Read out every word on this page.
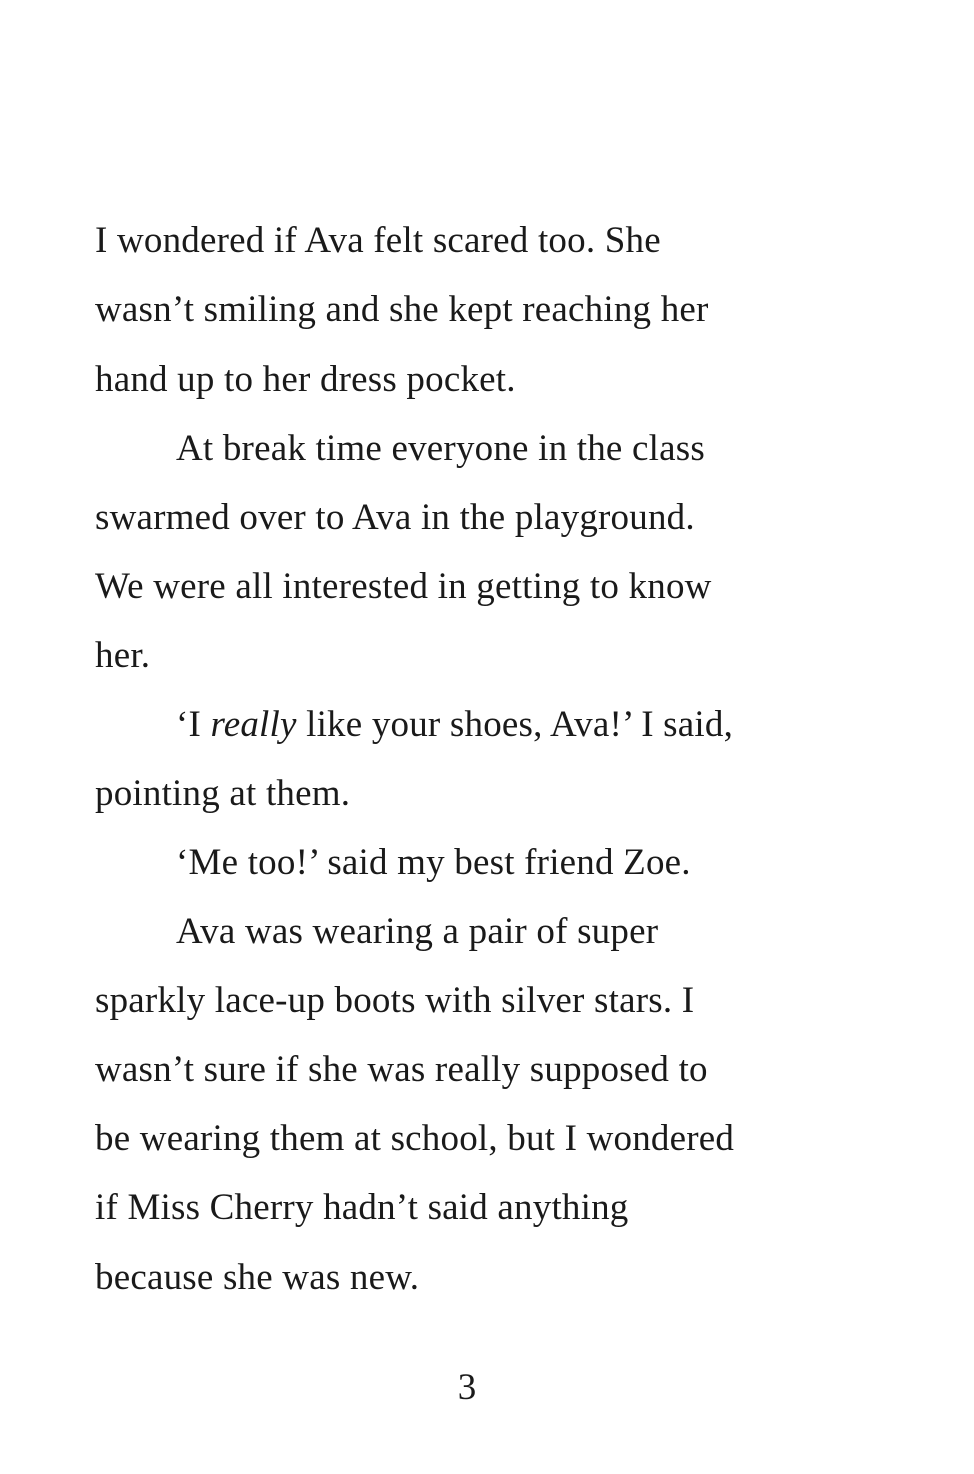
I wondered if Ava felt scared too. She
wasn’t smiling and she kept reaching her
hand up to her dress pocket.
At break time everyone in the class
swarmed over to Ava in the playground.
We were all interested in getting to know
her.
‘I really like your shoes, Ava!’ I said,
pointing at them.
‘Me too!’ said my best friend Zoe.
Ava was wearing a pair of super
sparkly lace-up boots with silver stars. I
wasn’t sure if she was really supposed to
be wearing them at school, but I wondered
if Miss Cherry hadn’t said anything
because she was new.
3
